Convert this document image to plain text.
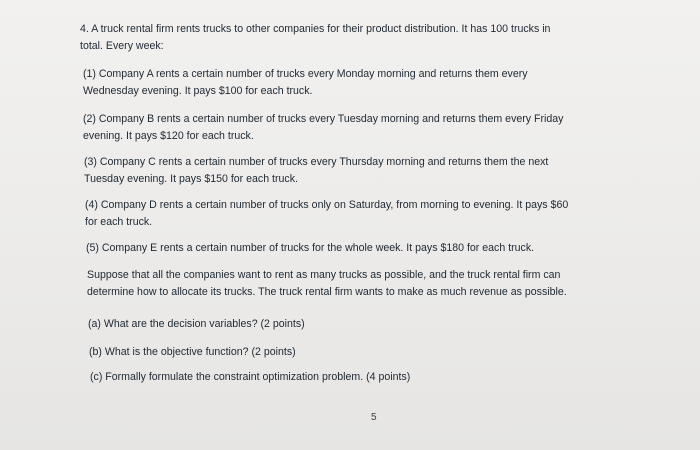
4. A truck rental firm rents trucks to other companies for their product distribution. It has 100 trucks in

total. Every week:

(1) Company A rents a certain number of trucks every Monday morning and returns them every

Wednesday evening. It pays $100 for each truck.

(2) Company B rents a certain number of trucks every Tuesday morning and returns them every Friday

evening. It pays $120 for each truck.

(3) Company C rents a certain number of trucks every Thursday morning and returns them the next

Tuesday evening. It pays $150 for each truck.

(4) Company D rents a certain number of trucks only on Saturday, from morning to evening. It pays $60

for each truck.

(5) Company E rents a certain number of trucks for the whole week. It pays $180 for each truck.

Suppose that all the companies want to rent as many trucks as possible, and the truck rental firm can

determine how to allocate its trucks. The truck rental firm wants to make as much revenue as possible.

(a) What are the decision variables? (2 points)

(b) What is the objective function? (2 points)

(c) Formally formulate the constraint optimization problem. (4 points)

5
